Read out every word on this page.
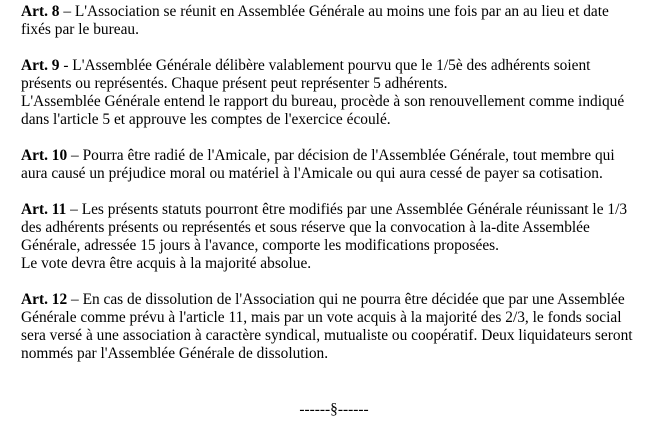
Art. 8 – L'Association se réunit en Assemblée Générale au moins une fois par an au lieu et date
fixés par le bureau.
Art. 9 - L'Assemblée Générale délibère valablement pourvu que le 1/5è des adhérents soient
présents ou représentés. Chaque présent peut représenter 5 adhérents.
L'Assemblée Générale entend le rapport du bureau, procède à son renouvellement comme indiqué
dans l'article 5 et approuve les comptes de l'exercice écoulé.
Art. 10 – Pourra être radié de l'Amicale, par décision de l'Assemblée Générale, tout membre qui
aura causé un préjudice moral ou matériel à l'Amicale ou qui aura cessé de payer sa cotisation.
Art. 11 – Les présents statuts pourront être modifiés par une Assemblée Générale réunissant le 1/3
des adhérents présents ou représentés et sous réserve que la convocation à la-dite Assemblée
Générale, adressée 15 jours à l'avance, comporte les modifications proposées.
Le vote devra être acquis à la majorité absolue.
Art. 12 – En cas de dissolution de l'Association qui ne pourra être décidée que par une Assemblée
Générale comme prévu à l'article 11, mais par un vote acquis à la majorité des 2/3, le fonds social
sera versé à une association à caractère syndical, mutualiste ou coopératif. Deux liquidateurs seront
nommés par l'Assemblée Générale de dissolution.
------§------
